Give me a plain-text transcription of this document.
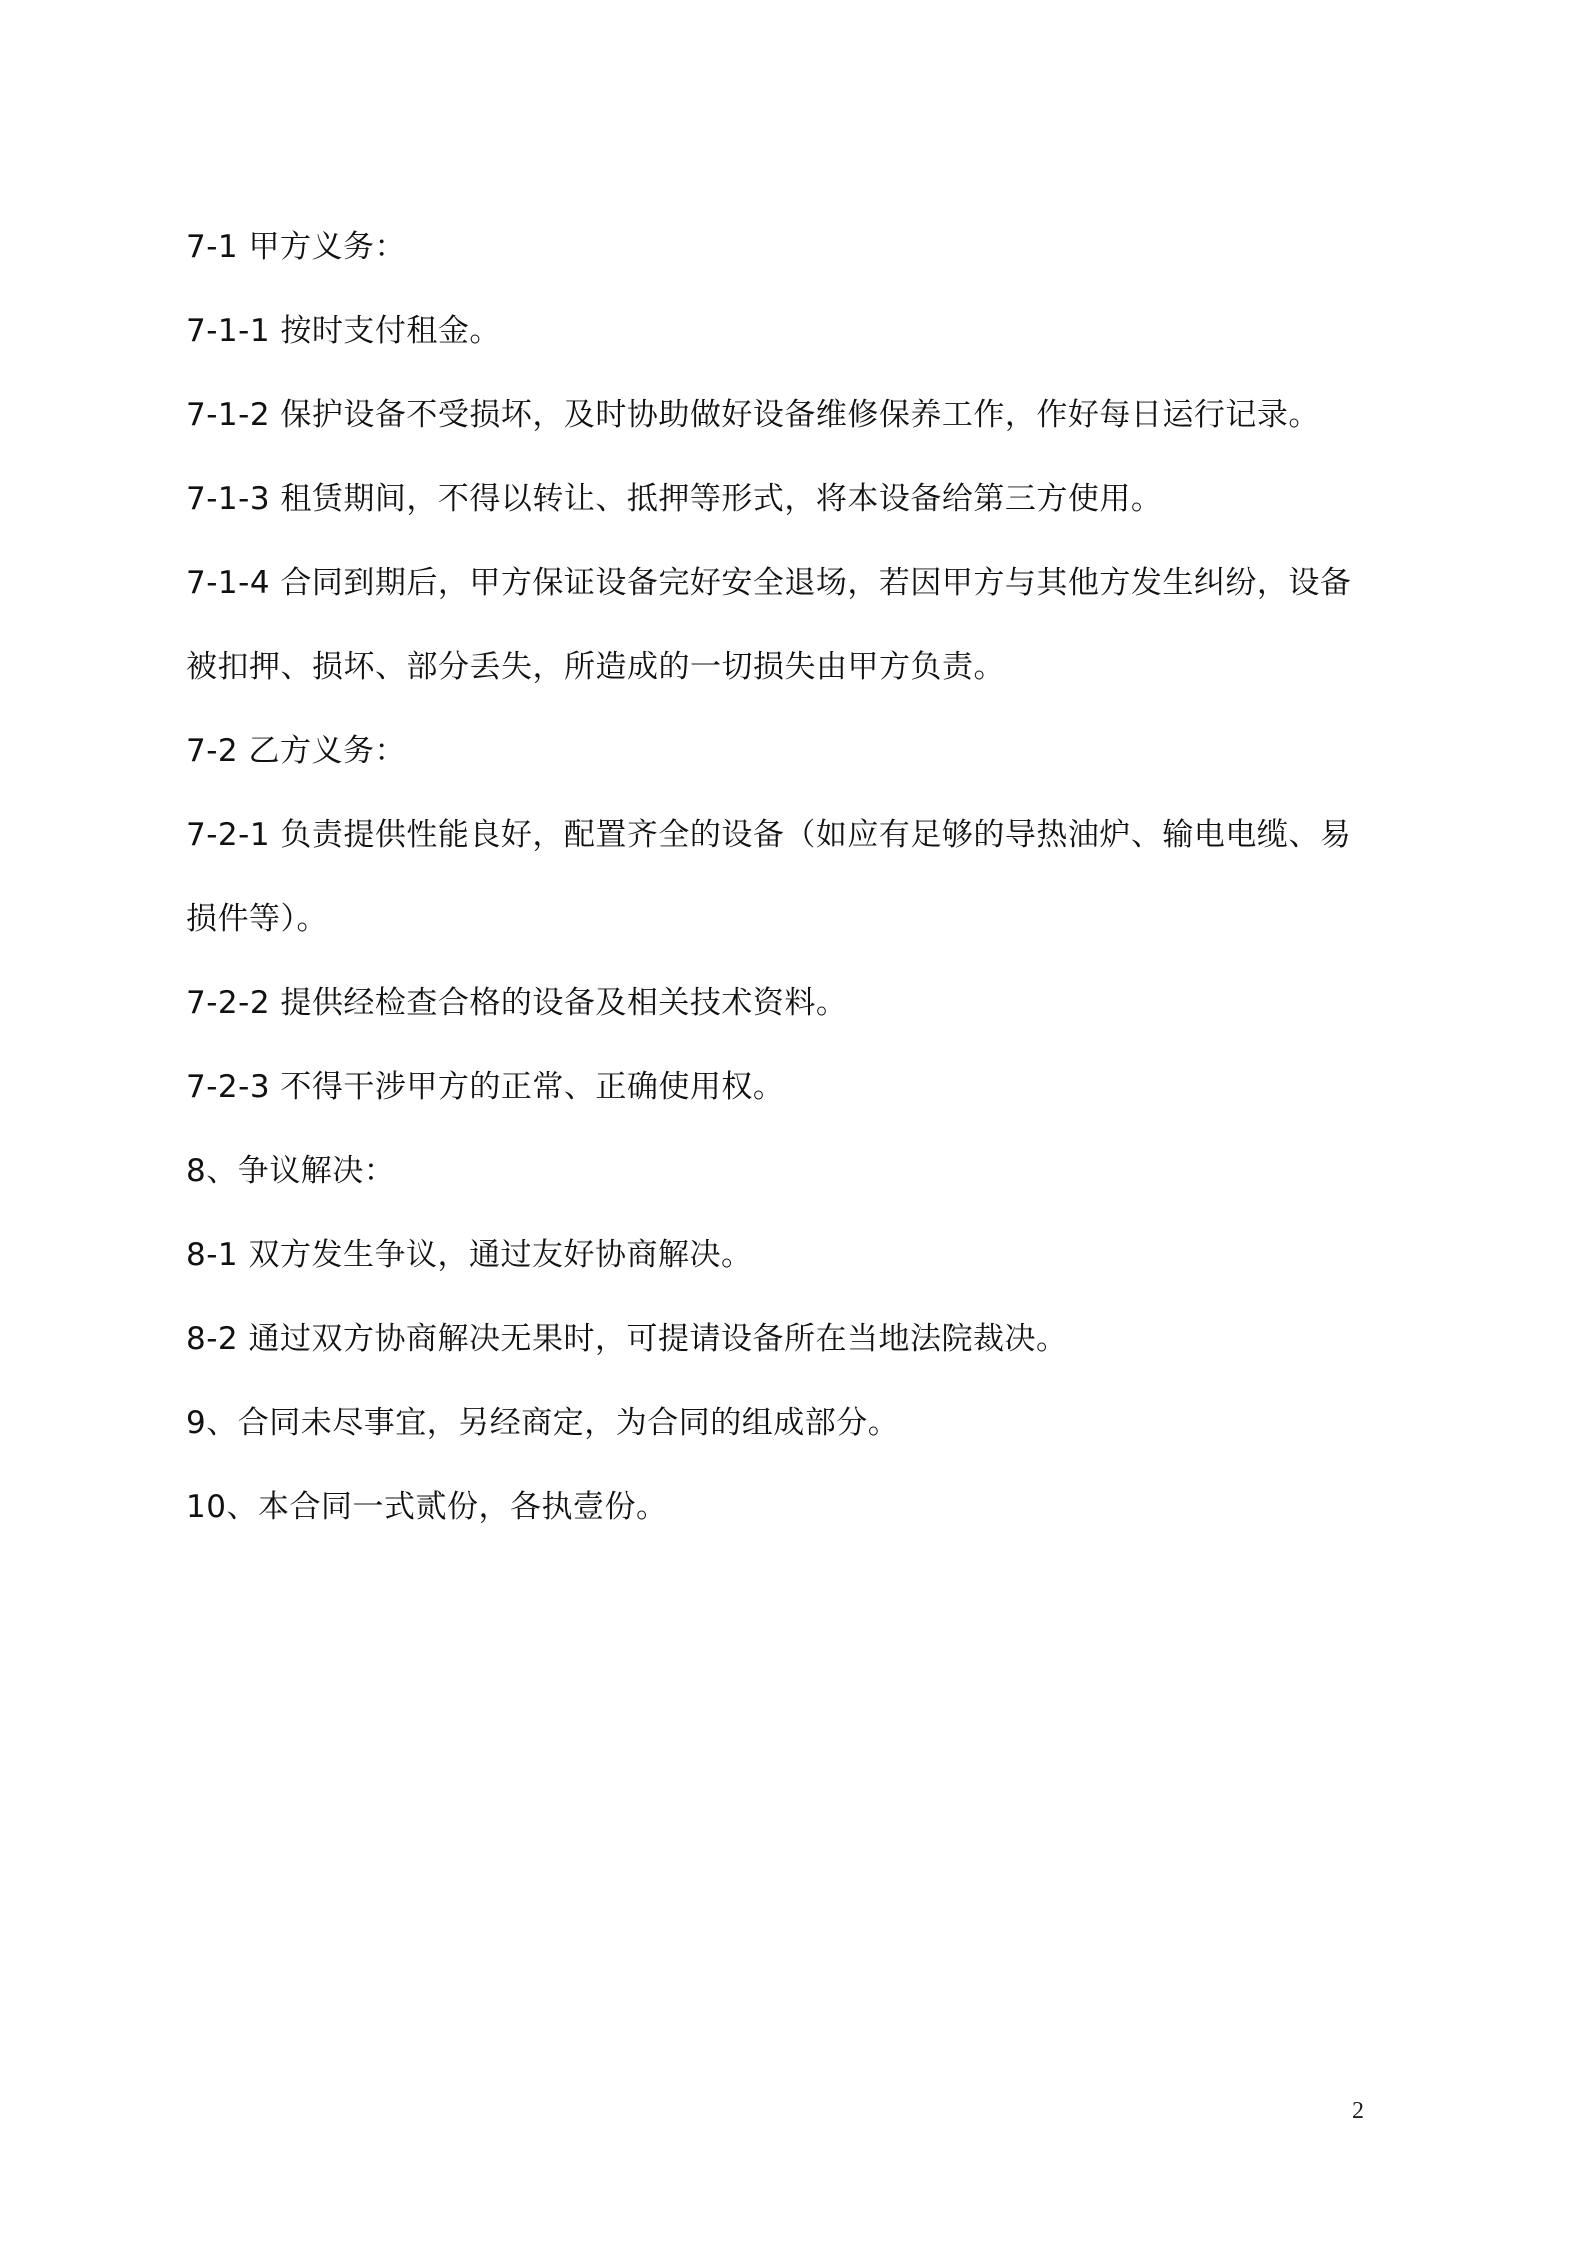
7-1 甲方义务：

7-1-1 按时支付租金。

7-1-2 保护设备不受损坏，及时协助做好设备维修保养工作，作好每日运行记录。

7-1-3 租赁期间，不得以转让、抵押等形式，将本设备给第三方使用。

7-1-4 合同到期后，甲方保证设备完好安全退场，若因甲方与其他方发生纠纷，设备被扣押、损坏、部分丢失，所造成的一切损失由甲方负责。

7-2 乙方义务：

7-2-1 负责提供性能良好，配置齐全的设备（如应有足够的导热油炉、输电电缆、易损件等）。

7-2-2 提供经检查合格的设备及相关技术资料。

7-2-3 不得干涉甲方的正常、正确使用权。

8、争议解决：

8-1 双方发生争议，通过友好协商解决。

8-2 通过双方协商解决无果时，可提请设备所在当地法院裁决。

9、合同未尽事宜，另经商定，为合同的组成部分。

10、本合同一式贰份，各执壹份。

2
